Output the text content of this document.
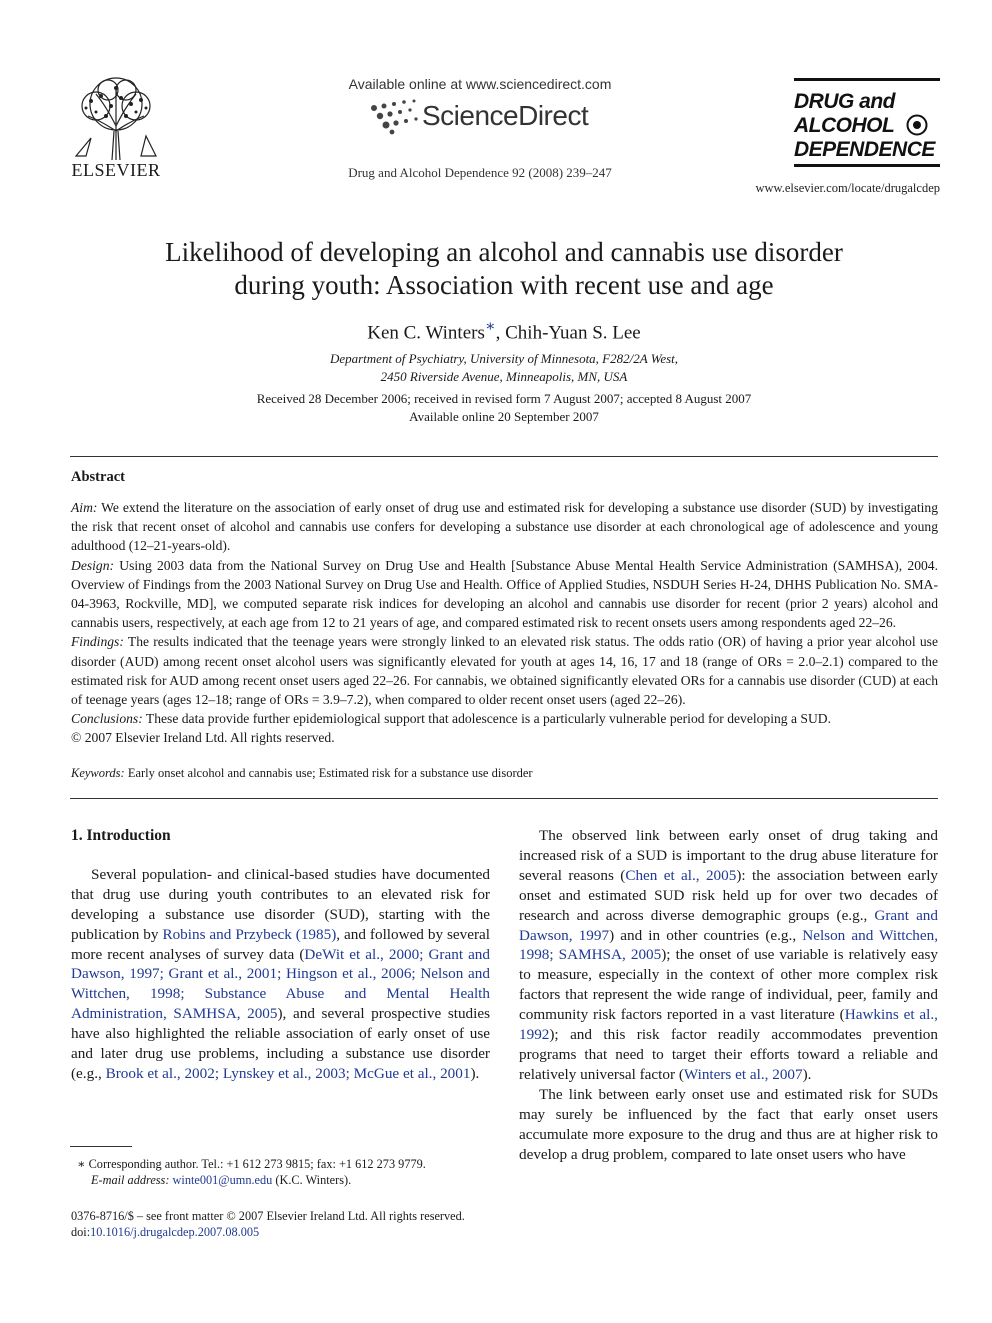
ELSEVIER
Available online at www.sciencedirect.com
ScienceDirect
Drug and Alcohol Dependence 92 (2008) 239–247
DRUG and
ALCOHOL
DEPENDENCE
www.elsevier.com/locate/drugalcdep
Likelihood of developing an alcohol and cannabis use disorder
during youth: Association with recent use and age
Ken C. Winters∗, Chih-Yuan S. Lee
Department of Psychiatry, University of Minnesota, F282/2A West,
2450 Riverside Avenue, Minneapolis, MN, USA
Received 28 December 2006; received in revised form 7 August 2007; accepted 8 August 2007
Available online 20 September 2007
Abstract

Aim: We extend the literature on the association of early onset of drug use and estimated risk for developing a substance use disorder (SUD) by investigating the risk that recent onset of alcohol and cannabis use confers for developing a substance use disorder at each chronological age of adolescence and young adulthood (12–21-years-old).

Design: Using 2003 data from the National Survey on Drug Use and Health [Substance Abuse Mental Health Service Administration (SAMHSA), 2004. Overview of Findings from the 2003 National Survey on Drug Use and Health. Office of Applied Studies, NSDUH Series H-24, DHHS Publication No. SMA-04-3963, Rockville, MD], we computed separate risk indices for developing an alcohol and cannabis use disorder for recent (prior 2 years) alcohol and cannabis users, respectively, at each age from 12 to 21 years of age, and compared estimated risk to recent onsets users among respondents aged 22–26.

Findings: The results indicated that the teenage years were strongly linked to an elevated risk status. The odds ratio (OR) of having a prior year alcohol use disorder (AUD) among recent onset alcohol users was significantly elevated for youth at ages 14, 16, 17 and 18 (range of ORs = 2.0–2.1) compared to the estimated risk for AUD among recent onset users aged 22–26. For cannabis, we obtained significantly elevated ORs for a cannabis use disorder (CUD) at each of teenage years (ages 12–18; range of ORs = 3.9–7.2), when compared to older recent onset users (aged 22–26).

Conclusions: These data provide further epidemiological support that adolescence is a particularly vulnerable period for developing a SUD.

© 2007 Elsevier Ireland Ltd. All rights reserved.

Keywords: Early onset alcohol and cannabis use; Estimated risk for a substance use disorder
1. Introduction

Several population- and clinical-based studies have documented that drug use during youth contributes to an elevated risk for developing a substance use disorder (SUD), starting with the publication by Robins and Przybeck (1985), and followed by several more recent analyses of survey data (DeWit et al., 2000; Grant and Dawson, 1997; Grant et al., 2001; Hingson et al., 2006; Nelson and Wittchen, 1998; Substance Abuse and Mental Health Administration, SAMHSA, 2005), and several prospective studies have also highlighted the reliable association of early onset of use and later drug use problems, including a substance use disorder (e.g., Brook et al., 2002; Lynskey et al., 2003; McGue et al., 2001).

The observed link between early onset of drug taking and increased risk of a SUD is important to the drug abuse literature for several reasons (Chen et al., 2005): the association between early onset and estimated SUD risk held up for over two decades of research and across diverse demographic groups (e.g., Grant and Dawson, 1997) and in other countries (e.g., Nelson and Wittchen, 1998; SAMHSA, 2005); the onset of use variable is relatively easy to measure, especially in the context of other more complex risk factors that represent the wide range of individual, peer, family and community risk factors reported in a vast literature (Hawkins et al., 1992); and this risk factor readily accommodates prevention programs that need to target their efforts toward a reliable and relatively universal factor (Winters et al., 2007).

The link between early onset use and estimated risk for SUDs may surely be influenced by the fact that early onset users accumulate more exposure to the drug and thus are at higher risk to develop a drug problem, compared to late onset users who have

∗ Corresponding author. Tel.: +1 612 273 9815; fax: +1 612 273 9779.
E-mail address: winte001@umn.edu (K.C. Winters).
0376-8716/$ – see front matter © 2007 Elsevier Ireland Ltd. All rights reserved.
doi:10.1016/j.drugalcdep.2007.08.005
